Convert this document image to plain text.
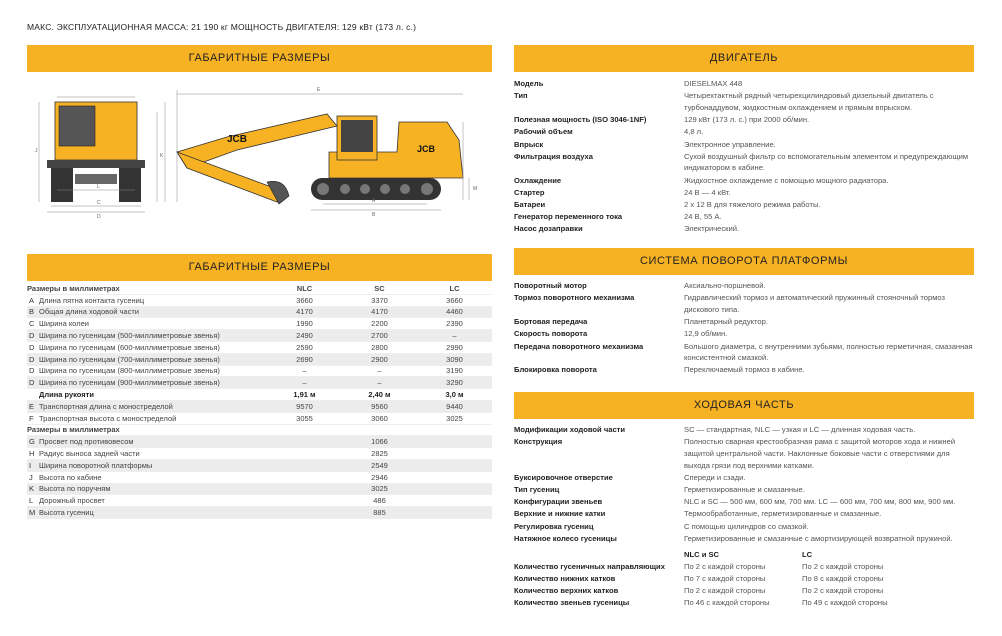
МАКС. ЭКСПЛУАТАЦИОННАЯ МАССА: 21 190 кг МОЩНОСТЬ ДВИГАТЕЛЯ: 129 кВт (173 л. с.)
ГАБАРИТНЫЕ РАЗМЕРЫ
JCB
JCB
D
C
L
J
K
E
B
A
M
ГАБАРИТНЫЕ РАЗМЕРЫ
Размеры в миллиметрах	NLC	SC	LC
A Длина пятна контакта гусениц	3660	3370	3660
B Общая длина ходовой части	4170	4170	4460
C Ширина колеи	1990	2200	2390
D Ширина по гусеницам (500-миллиметровые звенья)	2490	2700	–
D Ширина по гусеницам (600-миллиметровые звенья)	2590	2800	2990
D Ширина по гусеницам (700-миллиметровые звенья)	2690	2900	3090
D Ширина по гусеницам (800-миллиметровые звенья)	–	–	3190
D Ширина по гусеницам (900-миллиметровые звенья)	–	–	3290
Длина рукояти	1,91 м	2,40 м	3,0 м
E Транспортная длина с моностределой	9570	9560	9440
F Транспортная высота с моностределой	3055	3060	3025
Размеры в миллиметрах
G Просвет под противовесом	1066
H Радиус выноса задней части	2825
I	Ширина поворотной платформы	2549
J Высота по кабине	2946
K Высота по поручням	3025
L Дорожный просвет	486
M Высота гусениц	885
ДВИГАТЕЛЬ
Модель	DIESELMAX 448
Тип	Четырехтактный рядный четырехцилиндровый дизельный двигатель с турбонаддувом, жидкостным охлаждением и прямым впрыском.
Полезная мощность (ISO 3046-1NF)	129 кВт (173 л. с.) при 2000 об/мин.
Рабочий объем	4,8 л.
Впрыск	Электронное управление.
Фильтрация воздуха	Сухой воздушный фильтр со вспомогательным элементом и предупреждающим индикатором в кабине.
Охлаждение	Жидкостное охлаждение с помощью мощного радиатора.
Стартер	24 В — 4 кВт.
Батареи	2 x 12 В для тяжелого режима работы.
Генератор переменного тока	24 В, 55 А.
Насос дозаправки	Электрический.
СИСТЕМА ПОВОРОТА ПЛАТФОРМЫ
Поворотный мотор	Аксиально-поршневой.
Тормоз поворотного механизма	Гидравлический тормоз и автоматический пружинный стояночный тормоз дискового типа.
Бортовая передача	Планетарный редуктор.
Скорость поворота	12,9 об/мин.
Передача поворотного механизма	Большого диаметра, с внутренними зубьями, полностью герметичная, смазанная консистентной смазкой.
Блокировка поворота	Переключаемый тормоз в кабине.
ХОДОВАЯ ЧАСТЬ
Модификации ходовой части	SC — стандартная, NLC — узкая и LC — длинная ходовая часть.
Конструкция	Полностью сварная крестообразная рама с защитой моторов хода и нижней защитой центральной части. Наклонные боковые части с отверстиями для выхода грязи под верхними катками.
Буксировочное отверстие	Спереди и сзади.
Тип гусениц	Герметизированные и смазанные.
Конфигурации звеньев	NLC и SC — 500 мм, 600 мм, 700 мм. LC — 600 мм, 700 мм, 800 мм, 900 мм.
Верхние и нижние катки	Термообработанные, герметизированные и смазанные.
Регулировка гусениц	С помощью цилиндров со смазкой.
Натяжное колесо гусеницы	Герметизированные и смазанные с амортизирующей возвратной пружиной.
NLC и SC	LC
Количество гусеничных направляющих	По 2 с каждой стороны	По 2 с каждой стороны
Количество нижних катков	По 7 с каждой стороны	По 8 с каждой стороны
Количество верхних катков	По 2 с каждой стороны	По 2 с каждой стороны
Количество звеньев гусеницы	По 46 с каждой стороны	По 49 с каждой стороны
